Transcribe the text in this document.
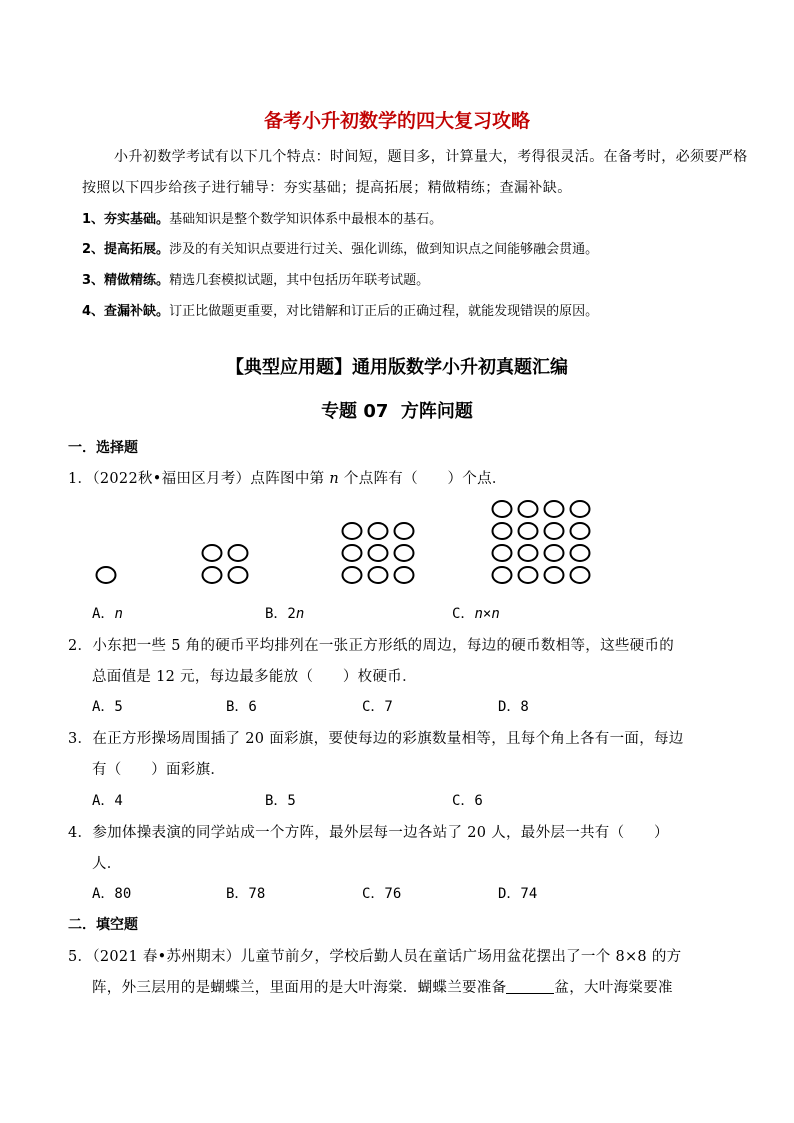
备考小升初数学的四大复习攻略
小升初数学考试有以下几个特点：时间短，题目多，计算量大，考得很灵活。在备考时，必须要严格
按照以下四步给孩子进行辅导：夯实基础；提高拓展；精做精练；查漏补缺。
1、夯实基础。基础知识是整个数学知识体系中最根本的基石。
2、提高拓展。涉及的有关知识点要进行过关、强化训练，做到知识点之间能够融会贯通。
3、精做精练。精选几套模拟试题，其中包括历年联考试题。
4、查漏补缺。订正比做题更重要，对比错解和订正后的正确过程，就能发现错误的原因。
【典型应用题】通用版数学小升初真题汇编
专题 07  方阵问题
一．选择题
1．（2022秋•福田区月考）点阵图中第 n 个点阵有（　　）个点．
A．n	B．2n	C．n×n
2．小东把一些 5 角的硬币平均排列在一张正方形纸的周边，每边的硬币数相等，这些硬币的
总面值是 12 元，每边最多能放（　　）枚硬币．
A．5	B．6	C．7	D．8
3．在正方形操场周围插了 20 面彩旗，要使每边的彩旗数量相等，且每个角上各有一面，每边
有（　　）面彩旗．
A．4	B．5	C．6
4．参加体操表演的同学站成一个方阵，最外层每一边各站了 20 人，最外层一共有（　　）
人．
A．80	B．78	C．76	D．74
二．填空题
5．（2021 春•苏州期末）儿童节前夕，学校后勤人员在童话广场用盆花摆出了一个 8×8 的方
阵，外三层用的是蝴蝶兰，里面用的是大叶海棠．蝴蝶兰要准备	盆，大叶海棠要准
